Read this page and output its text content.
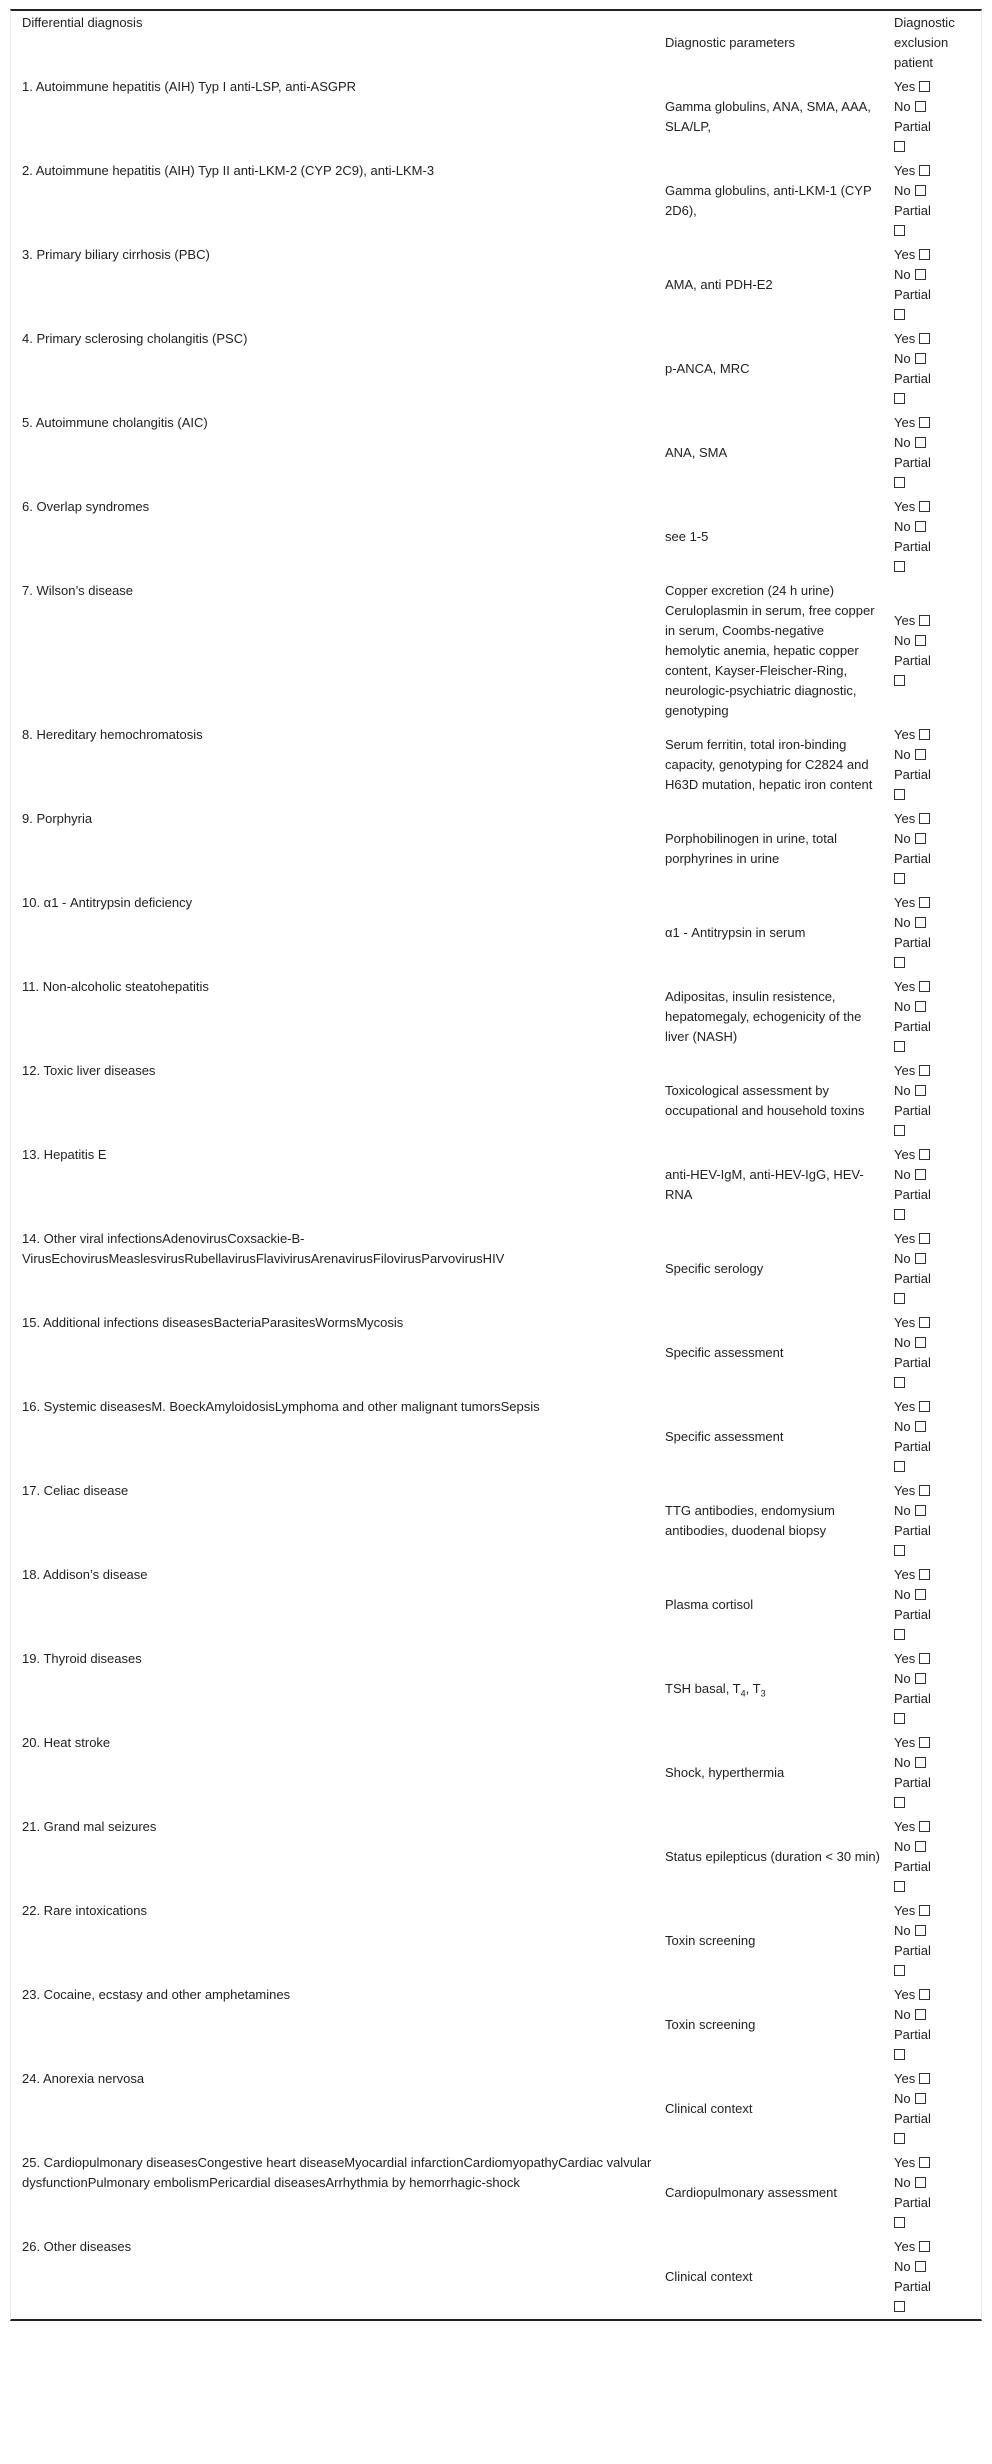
Differential diagnosis	Diagnostic parameters	Diagnostic exclusion patient
1. Autoimmune hepatitis (AIH) Typ I anti-LSP, anti-ASGPR	Gamma globulins, ANA, SMA, AAA, SLA/LP,	Yes
No
Partial

2. Autoimmune hepatitis (AIH) Typ II anti-LKM-2 (CYP 2C9), anti-LKM-3	Gamma globulins, anti-LKM-1 (CYP 2D6),	Yes
No
Partial

3. Primary biliary cirrhosis (PBC)	AMA, anti PDH-E2	Yes
No
Partial

4. Primary sclerosing cholangitis (PSC)	p-ANCA, MRC	Yes
No
Partial

5. Autoimmune cholangitis (AIC)	ANA, SMA	Yes
No
Partial

6. Overlap syndromes	see 1-5	Yes
No
Partial

7. Wilson’s disease	Copper excretion (24 h urine) Ceruloplasmin in serum, free copper in serum, Coombs-negative hemolytic anemia, hepatic copper content, Kayser-Fleischer-Ring, neurologic-psychiatric diagnostic, genotyping	
Yes
No
Partial

8. Hereditary hemochromatosis	Serum ferritin, total iron-binding capacity, genotyping for C2824 and H63D mutation, hepatic iron content	Yes
No
Partial

9. Porphyria	Porphobilinogen in urine, total porphyrines in urine	Yes
No
Partial

10. α1 - Antitrypsin deficiency	α1 - Antitrypsin in serum	Yes
No
Partial

11. Non-alcoholic steatohepatitis	Adipositas, insulin resistence, hepatomegaly, echogenicity of the liver (NASH)	Yes
No
Partial

12. Toxic liver diseases	Toxicological assessment by occupational and household toxins	Yes
No
Partial

13. Hepatitis E	anti-HEV-IgM, anti-HEV-IgG, HEV-RNA	Yes
No
Partial

14. Other viral infectionsAdenovirusCoxsackie-B-VirusEchovirusMeaslesvirusRubellavirusFlavivirusArenavirusFilovirusParvovirusHIV	Specific serology	Yes
No
Partial

15. Additional infections diseasesBacteriaParasitesWormsMycosis	Specific assessment	Yes
No
Partial

16. Systemic diseasesM. BoeckAmyloidosisLymphoma and other malignant tumorsSepsis	Specific assessment	Yes
No
Partial

17. Celiac disease	TTG antibodies, endomysium antibodies, duodenal biopsy	Yes
No
Partial

18. Addison’s disease	Plasma cortisol	Yes
No
Partial

19. Thyroid diseases	TSH basal, $T_4$, $T_3$	Yes
No
Partial

20. Heat stroke	Shock, hyperthermia	Yes
No
Partial

21. Grand mal seizures	Status epilepticus (duration < 30 min)	Yes
No
Partial

22. Rare intoxications	Toxin screening	Yes
No
Partial

23. Cocaine, ecstasy and other amphetamines	Toxin screening	Yes
No
Partial

24. Anorexia nervosa	Clinical context	Yes
No
Partial

25. Cardiopulmonary diseasesCongestive heart diseaseMyocardial infarctionCardiomyopathyCardiac valvular dysfunctionPulmonary embolismPericardial diseasesArrhythmia by hemorrhagic-shock	Cardiopulmonary assessment	Yes
No
Partial

26. Other diseases	Clinical context	Yes
No
Partial
